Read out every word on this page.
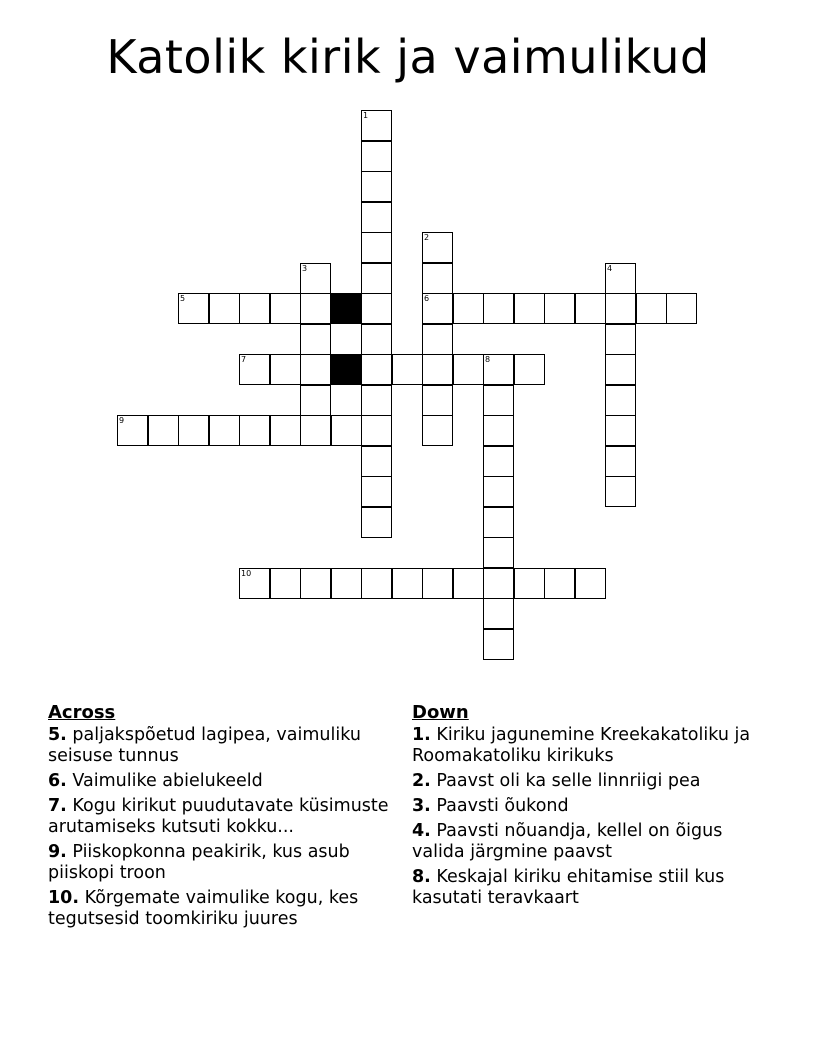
Katolik kirik ja vaimulikud
1
2
6
3	4
5
7	8
9
10
Across
5. paljakspõetud lagipea, vaimuliku seisuse tunnus
6. Vaimulike abielukeeld
7. Kogu kirikut puudutavate küsimuste arutamiseks kutsuti kokku...
9. Piiskopkonna peakirik, kus asub piiskopi troon
10. Kõrgemate vaimulike kogu, kes tegutsesid toomkiriku juures
Down
1. Kiriku jagunemine Kreekakatoliku ja Roomakatoliku kirikuks
2. Paavst oli ka selle linnriigi pea
3. Paavsti õukond
4. Paavsti nõuandja, kellel on õigus valida järgmine paavst
8. Keskajal kiriku ehitamise stiil kus kasutati teravkaart
